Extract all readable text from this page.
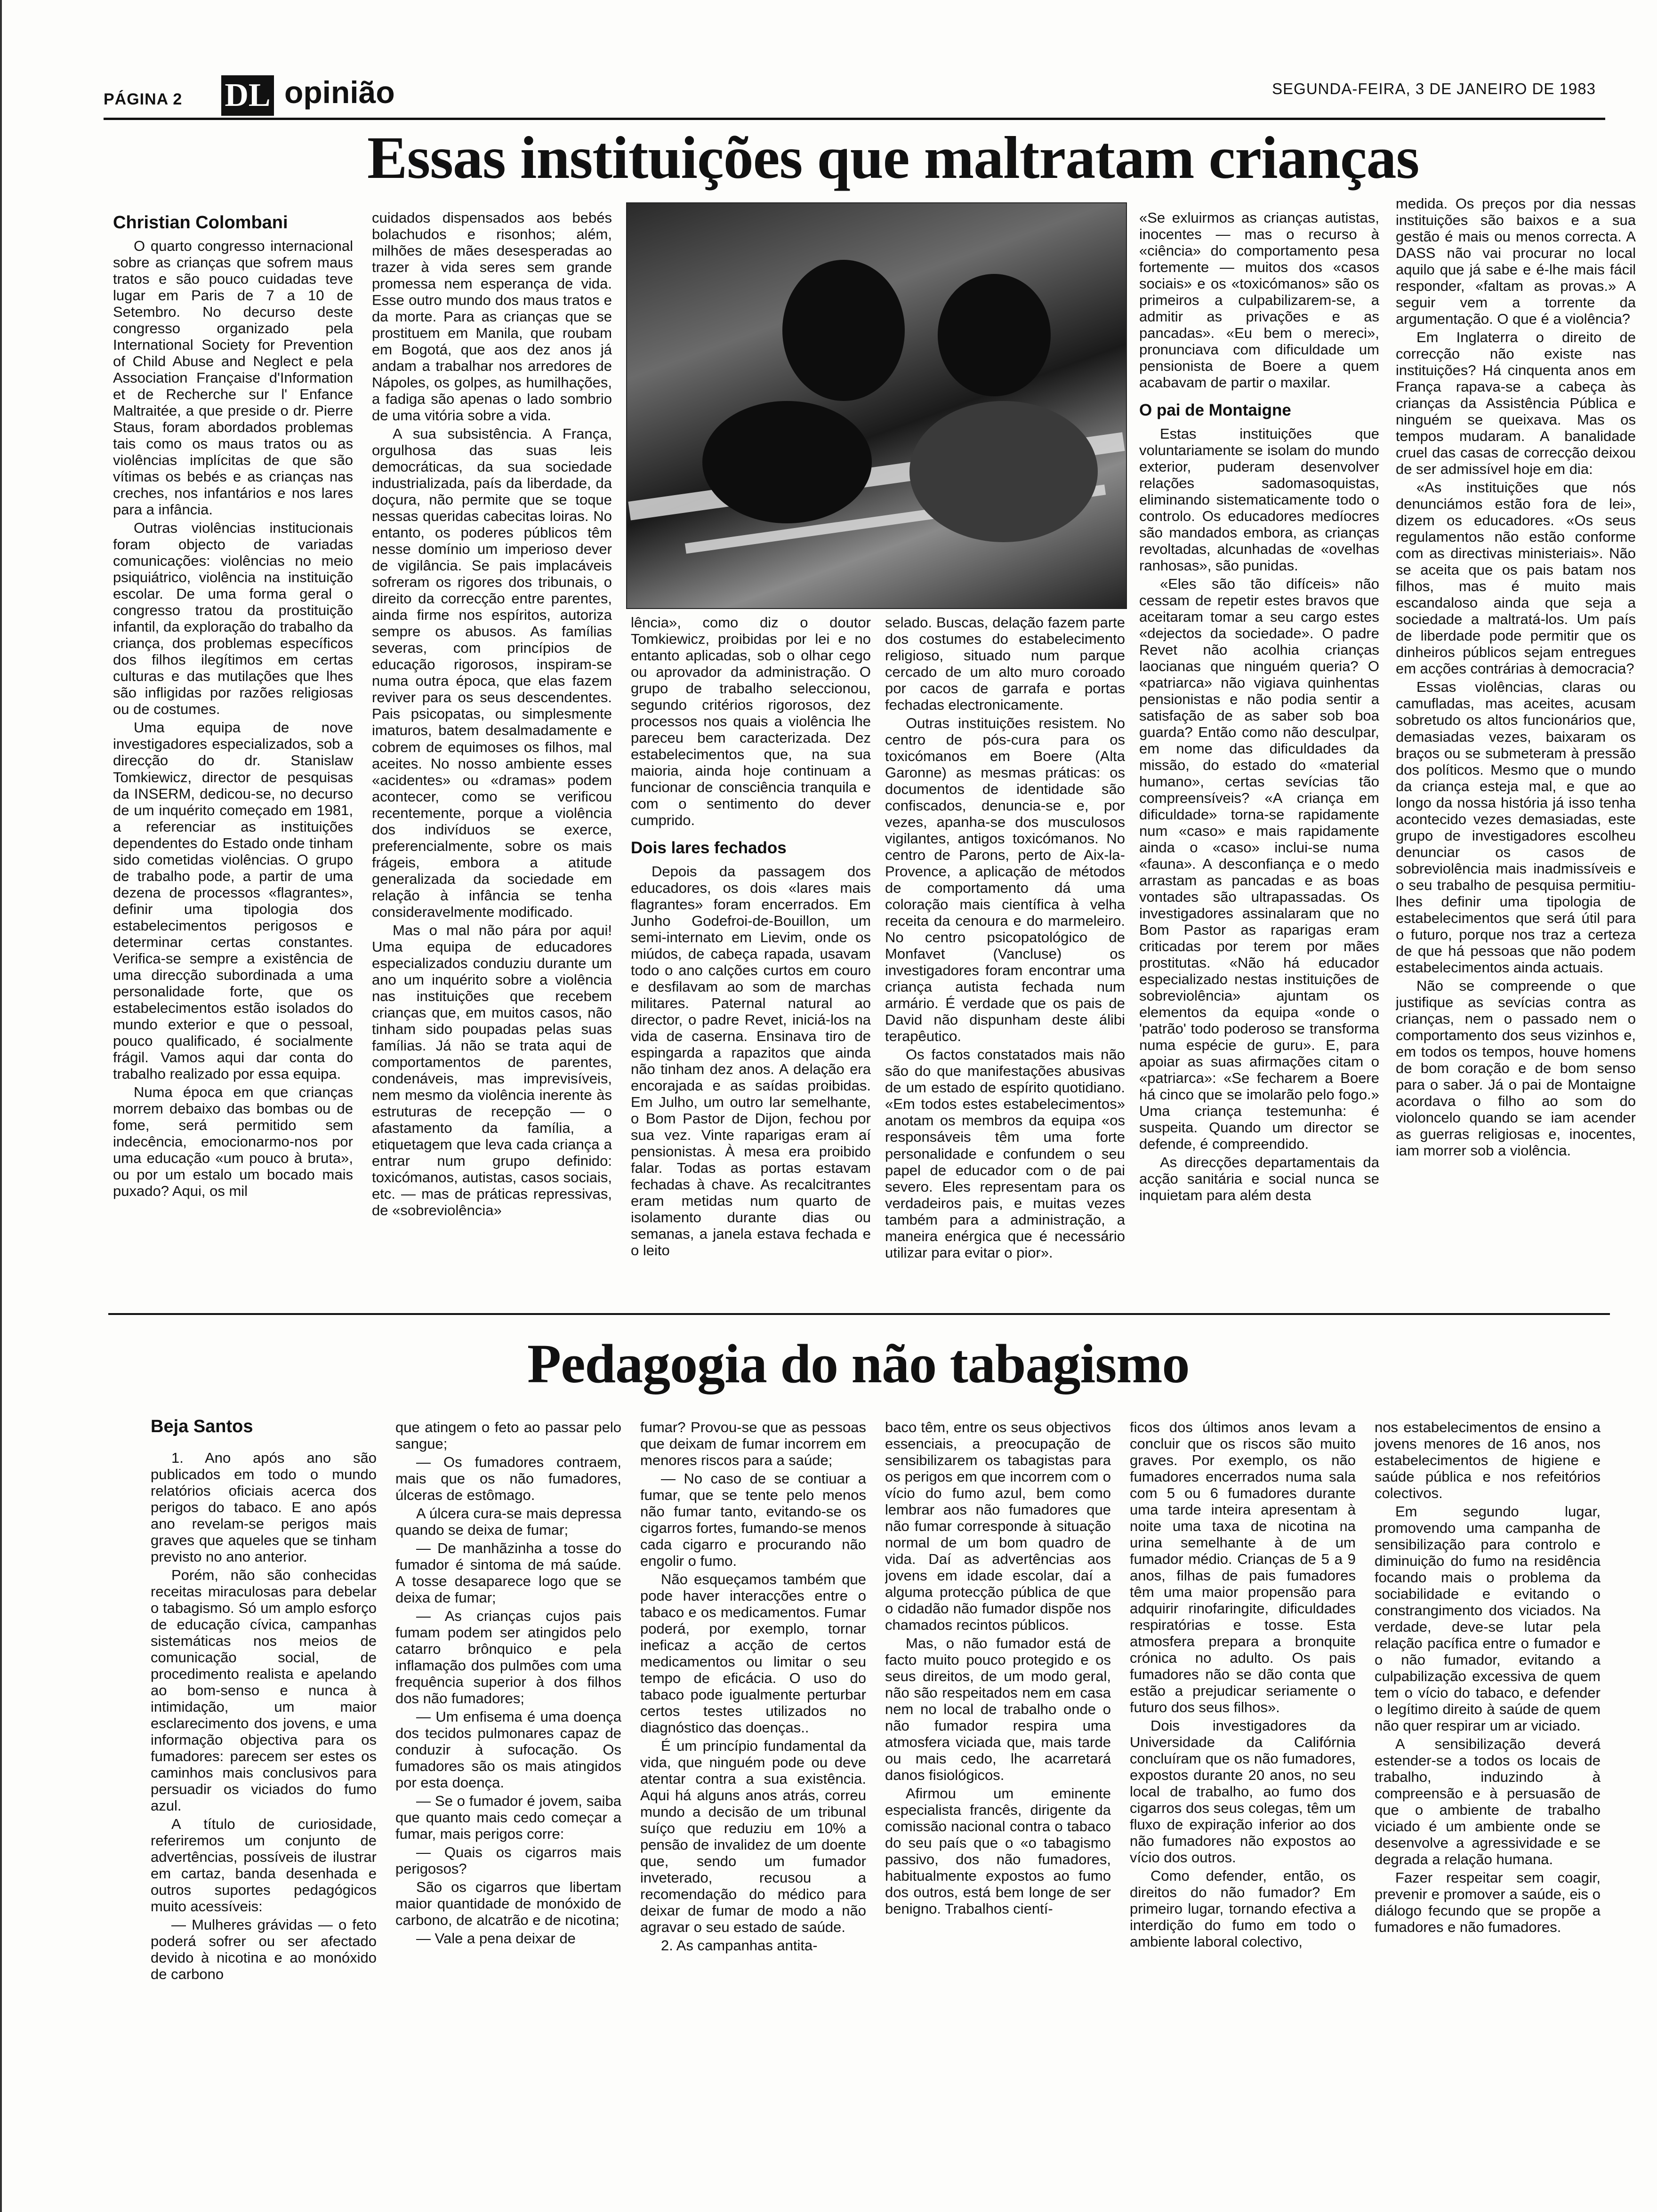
PÁGINA 2 DL opinião	SEGUNDA-FEIRA, 3 DE JANEIRO DE 1983
Essas instituições que maltratam crianças
Christian Colombani

O quarto congresso internacional sobre as crianças que sofrem maus tratos e são pouco cuidadas teve lugar em Paris de 7 a 10 de Setembro. No decurso deste congresso organizado pela International Society for Prevention of Child Abuse and Neglect e pela Association Française d'Information et de Recherche sur l' Enfance Maltraitée, a que preside o dr. Pierre Staus, foram abordados problemas tais como os maus tratos ou as violências implícitas de que são vítimas os bebés e as crianças nas creches, nos infantários e nos lares para a infância.

Outras violências institucionais foram objecto de variadas comunicações: violências no meio psiquiátrico, violência na instituição escolar. De uma forma geral o congresso tratou da prostituição infantil, da exploração do trabalho da criança, dos problemas específicos dos filhos ilegítimos em certas culturas e das mutilações que lhes são infligidas por razões religiosas ou de costumes.

Uma equipa de nove investigadores especializados, sob a direcção do dr. Stanislaw Tomkiewicz, director de pesquisas da INSERM, dedicou-se, no decurso de um inquérito começado em 1981, a referenciar as instituições dependentes do Estado onde tinham sido cometidas violências. O grupo de trabalho pode, a partir de uma dezena de processos «flagrantes», definir uma tipologia dos estabelecimentos perigosos e determinar certas constantes. Verifica-se sempre a existência de uma direcção subordinada a uma personalidade forte, que os estabelecimentos estão isolados do mundo exterior e que o pessoal, pouco qualificado, é socialmente frágil. Vamos aqui dar conta do trabalho realizado por essa equipa.

Numa época em que crianças morrem debaixo das bombas ou de fome, será permitido sem indecência, emocionarmo-nos por uma educação «um pouco à bruta», ou por um estalo um bocado mais puxado? Aqui, os mil

cuidados dispensados aos bebés bolachudos e risonhos; além, milhões de mães desesperadas ao trazer à vida seres sem grande promessa nem esperança de vida. Esse outro mundo dos maus tratos e da morte. Para as crianças que se prostituem em Manila, que roubam em Bogotá, que aos dez anos já andam a trabalhar nos arredores de Nápoles, os golpes, as humilhações, a fadiga são apenas o lado sombrio de uma vitória sobre a vida.

A sua subsistência. A França, orgulhosa das suas leis democráticas, da sua sociedade industrializada, país da liberdade, da doçura, não permite que se toque nessas queridas cabecitas loiras. No entanto, os poderes públicos têm nesse domínio um imperioso dever de vigilância. Se pais implacáveis sofreram os rigores dos tribunais, o direito da correcção entre parentes, ainda firme nos espíritos, autoriza sempre os abusos. As famílias severas, com princípios de educação rigorosos, inspiram-se numa outra época, que elas fazem reviver para os seus descendentes. Pais psicopatas, ou simplesmente imaturos, batem desalmadamente e cobrem de equimoses os filhos, mal aceites. No nosso ambiente esses «acidentes» ou «dramas» podem acontecer, como se verificou recentemente, porque a violência dos indivíduos se exerce, preferencialmente, sobre os mais frágeis, embora a atitude generalizada da sociedade em relação à infância se tenha consideravelmente modificado.

Mas o mal não pára por aqui! Uma equipa de educadores especializados conduziu durante um ano um inquérito sobre a violência nas instituições que recebem crianças que, em muitos casos, não tinham sido poupadas pelas suas famílias. Já não se trata aqui de comportamentos de parentes, condenáveis, mas imprevisíveis, nem mesmo da violência inerente às estruturas de recepção — o afastamento da família, a etiquetagem que leva cada criança a entrar num grupo definido: toxicómanos, autistas, casos sociais, etc. — mas de práticas repressivas, de «sobreviolência»

lência», como diz o doutor Tomkiewicz, proibidas por lei e no entanto aplicadas, sob o olhar cego ou aprovador da administração. O grupo de trabalho seleccionou, segundo critérios rigorosos, dez processos nos quais a violência lhe pareceu bem caracterizada. Dez estabelecimentos que, na sua maioria, ainda hoje continuam a funcionar de consciência tranquila e com o sentimento do dever cumprido.

Dois lares fechados

Depois da passagem dos educadores, os dois «lares mais flagrantes» foram encerrados. Em Junho Godefroi-de-Bouillon, um semi-internato em Lievim, onde os miúdos, de cabeça rapada, usavam todo o ano calções curtos em couro e desfilavam ao som de marchas militares. Paternal natural ao director, o padre Revet, iniciá-los na vida de caserna. Ensinava tiro de espingarda a rapazitos que ainda não tinham dez anos. A delação era encorajada e as saídas proibidas. Em Julho, um outro lar semelhante, o Bom Pastor de Dijon, fechou por sua vez. Vinte raparigas eram aí pensionistas. À mesa era proibido falar. Todas as portas estavam fechadas à chave. As recalcitrantes eram metidas num quarto de isolamento durante dias ou semanas, a janela estava fechada e o leito

selado. Buscas, delação fazem parte dos costumes do estabelecimento religioso, situado num parque cercado de um alto muro coroado por cacos de garrafa e portas fechadas electronicamente.

Outras instituições resistem. No centro de pós-cura para os toxicómanos em Boere (Alta Garonne) as mesmas práticas: os documentos de identidade são confiscados, denuncia-se e, por vezes, apanha-se dos musculosos vigilantes, antigos toxicómanos. No centro de Parons, perto de Aix-la-Provence, a aplicação de métodos de comportamento dá uma coloração mais científica à velha receita da cenoura e do marmeleiro. No centro psicopatológico de Monfavet (Vancluse) os investigadores foram encontrar uma criança autista fechada num armário. É verdade que os pais de David não dispunham deste álibi terapêutico.

Os factos constatados mais não são do que manifestações abusivas de um estado de espírito quotidiano. «Em todos estes estabelecimentos» anotam os membros da equipa «os responsáveis têm uma forte personalidade e confundem o seu papel de educador com o de pai severo. Eles representam para os verdadeiros pais, e muitas vezes também para a administração, a maneira enérgica que é necessário utilizar para evitar o pior».

«Se exluirmos as crianças autistas, inocentes — mas o recurso à «ciência» do comportamento pesa fortemente — muitos dos «casos sociais» e os «toxicómanos» são os primeiros a culpabilizarem-se, a admitir as privações e as pancadas». «Eu bem o mereci», pronunciava com dificuldade um pensionista de Boere a quem acabavam de partir o maxilar.

O pai de Montaigne

Estas instituições que voluntariamente se isolam do mundo exterior, puderam desenvolver relações sadomasoquistas, eliminando sistematicamente todo o controlo. Os educadores medíocres são mandados embora, as crianças revoltadas, alcunhadas de «ovelhas ranhosas», são punidas.

«Eles são tão difíceis» não cessam de repetir estes bravos que aceitaram tomar a seu cargo estes «dejectos da sociedade». O padre Revet não acolhia crianças laocianas que ninguém queria? O «patriarca» não vigiava quinhentas pensionistas e não podia sentir a satisfação de as saber sob boa guarda? Então como não desculpar, em nome das dificuldades da missão, do estado do «material humano», certas sevícias tão compreensíveis? «A criança em dificuldade» torna-se rapidamente num «caso» e mais rapidamente ainda o «caso» inclui-se numa «fauna». A desconfiança e o medo arrastam as pancadas e as boas vontades são ultrapassadas. Os investigadores assinalaram que no Bom Pastor as raparigas eram criticadas por terem por mães prostitutas. «Não há educador especializado nestas instituições de sobreviolência» ajuntam os elementos da equipa «onde o 'patrão' todo poderoso se transforma numa espécie de guru». E, para apoiar as suas afirmações citam o «patriarca»: «Se fecharem a Boere há cinco que se imolarão pelo fogo.» Uma criança testemunha: é suspeita. Quando um director se defende, é compreendido.

As direcções departamentais da acção sanitária e social nunca se inquietam para além desta

medida. Os preços por dia nessas instituições são baixos e a sua gestão é mais ou menos correcta. A DASS não vai procurar no local aquilo que já sabe e é-lhe mais fácil responder, «faltam as provas.» A seguir vem a torrente da argumentação. O que é a violência?

Em Inglaterra o direito de correcção não existe nas instituições? Há cinquenta anos em França rapava-se a cabeça às crianças da Assistência Pública e ninguém se queixava. Mas os tempos mudaram. A banalidade cruel das casas de correcção deixou de ser admissível hoje em dia:

«As instituições que nós denunciámos estão fora de lei», dizem os educadores. «Os seus regulamentos não estão conforme com as directivas ministeriais». Não se aceita que os pais batam nos filhos, mas é muito mais escandaloso ainda que seja a sociedade a maltratá-los. Um país de liberdade pode permitir que os dinheiros públicos sejam entregues em acções contrárias à democracia?

Essas violências, claras ou camufladas, mas aceites, acusam sobretudo os altos funcionários que, demasiadas vezes, baixaram os braços ou se submeteram à pressão dos políticos. Mesmo que o mundo da criança esteja mal, e que ao longo da nossa história já isso tenha acontecido vezes demasiadas, este grupo de investigadores escolheu denunciar os casos de sobreviolência mais inadmissíveis e o seu trabalho de pesquisa permitiu-lhes definir uma tipologia de estabelecimentos que será útil para o futuro, porque nos traz a certeza de que há pessoas que não podem estabelecimentos ainda actuais.

Não se compreende o que justifique as sevícias contra as crianças, nem o passado nem o comportamento dos seus vizinhos e, em todos os tempos, houve homens de bom coração e de bom senso para o saber. Já o pai de Montaigne acordava o filho ao som do violoncelo quando se iam acender as guerras religiosas e, inocentes, iam morrer sob a violência.

Pedagogia do não tabagismo
Beja Santos

1. Ano após ano são publicados em todo o mundo relatórios oficiais acerca dos perigos do tabaco. E ano após ano revelam-se perigos mais graves que aqueles que se tinham previsto no ano anterior.

Porém, não são conhecidas receitas miraculosas para debelar o tabagismo. Só um amplo esforço de educação cívica, campanhas sistemáticas nos meios de comunicação social, de procedimento realista e apelando ao bom-senso e nunca à intimidação, um maior esclarecimento dos jovens, e uma informação objectiva para os fumadores: parecem ser estes os caminhos mais conclusivos para persuadir os viciados do fumo azul.

A título de curiosidade, referiremos um conjunto de advertências, possíveis de ilustrar em cartaz, banda desenhada e outros suportes pedagógicos muito acessíveis:

— Mulheres grávidas — o feto poderá sofrer ou ser afectado devido à nicotina e ao monóxido de carbono

que atingem o feto ao passar pelo sangue;

— Os fumadores contraem, mais que os não fumadores, úlceras de estômago.

A úlcera cura-se mais depressa quando se deixa de fumar;

— De manhãzinha a tosse do fumador é sintoma de má saúde. A tosse desaparece logo que se deixa de fumar;

— As crianças cujos pais fumam podem ser atingidos pelo catarro brônquico e pela inflamação dos pulmões com uma frequência superior à dos filhos dos não fumadores;

— Um enfisema é uma doença dos tecidos pulmonares capaz de conduzir à sufocação. Os fumadores são os mais atingidos por esta doença.

— Se o fumador é jovem, saiba que quanto mais cedo começar a fumar, mais perigos corre:

— Quais os cigarros mais perigosos?

São os cigarros que libertam maior quantidade de monóxido de carbono, de alcatrão e de nicotina;

— Vale a pena deixar de

fumar? Provou-se que as pessoas que deixam de fumar incorrem em menores riscos para a saúde;

— No caso de se contiuar a fumar, que se tente pelo menos não fumar tanto, evitando-se os cigarros fortes, fumando-se menos cada cigarro e procurando não engolir o fumo.

Não esqueçamos também que pode haver interacções entre o tabaco e os medicamentos. Fumar poderá, por exemplo, tornar ineficaz a acção de certos medicamentos ou limitar o seu tempo de eficácia. O uso do tabaco pode igualmente perturbar certos testes utilizados no diagnóstico das doenças..

É um princípio fundamental da vida, que ninguém pode ou deve atentar contra a sua existência. Aqui há alguns anos atrás, correu mundo a decisão de um tribunal suíço que reduziu em 10% a pensão de invalidez de um doente que, sendo um fumador inveterado, recusou a recomendação do médico para deixar de fumar de modo a não agravar o seu estado de saúde.

2. As campanhas antita-

baco têm, entre os seus objectivos essenciais, a preocupação de sensibilizarem os tabagistas para os perigos em que incorrem com o vício do fumo azul, bem como lembrar aos não fumadores que não fumar corresponde à situação normal de um bom quadro de vida. Daí as advertências aos jovens em idade escolar, daí a alguma protecção pública de que o cidadão não fumador dispõe nos chamados recintos públicos.

Mas, o não fumador está de facto muito pouco protegido e os seus direitos, de um modo geral, não são respeitados nem em casa nem no local de trabalho onde o não fumador respira uma atmosfera viciada que, mais tarde ou mais cedo, lhe acarretará danos fisiológicos.

Afirmou um eminente especialista francês, dirigente da comissão nacional contra o tabaco do seu país que o «o tabagismo passivo, dos não fumadores, habitualmente expostos ao fumo dos outros, está bem longe de ser benigno. Trabalhos cientí-

ficos dos últimos anos levam a concluir que os riscos são muito graves. Por exemplo, os não fumadores encerrados numa sala com 5 ou 6 fumadores durante uma tarde inteira apresentam à noite uma taxa de nicotina na urina semelhante à de um fumador médio. Crianças de 5 a 9 anos, filhas de pais fumadores têm uma maior propensão para adquirir rinofaringite, dificuldades respiratórias e tosse. Esta atmosfera prepara a bronquite crónica no adulto. Os pais fumadores não se dão conta que estão a prejudicar seriamente o futuro dos seus filhos».

Dois investigadores da Universidade da Califórnia concluíram que os não fumadores, expostos durante 20 anos, no seu local de trabalho, ao fumo dos cigarros dos seus colegas, têm um fluxo de expiração inferior ao dos não fumadores não expostos ao vício dos outros.

Como defender, então, os direitos do não fumador? Em primeiro lugar, tornando efectiva a interdição do fumo em todo o ambiente laboral colectivo,

nos estabelecimentos de ensino a jovens menores de 16 anos, nos estabelecimentos de higiene e saúde pública e nos refeitórios colectivos.

Em segundo lugar, promovendo uma campanha de sensibilização para controlo e diminuição do fumo na residência focando mais o problema da sociabilidade e evitando o constrangimento dos viciados. Na verdade, deve-se lutar pela relação pacífica entre o fumador e o não fumador, evitando a culpabilização excessiva de quem tem o vício do tabaco, e defender o legítimo direito à saúde de quem não quer respirar um ar viciado.

A sensibilização deverá estender-se a todos os locais de trabalho, induzindo à compreensão e à persuasão de que o ambiente de trabalho viciado é um ambiente onde se desenvolve a agressividade e se degrada a relação humana.

Fazer respeitar sem coagir, prevenir e promover a saúde, eis o diálogo fecundo que se propõe a fumadores e não fumadores.
